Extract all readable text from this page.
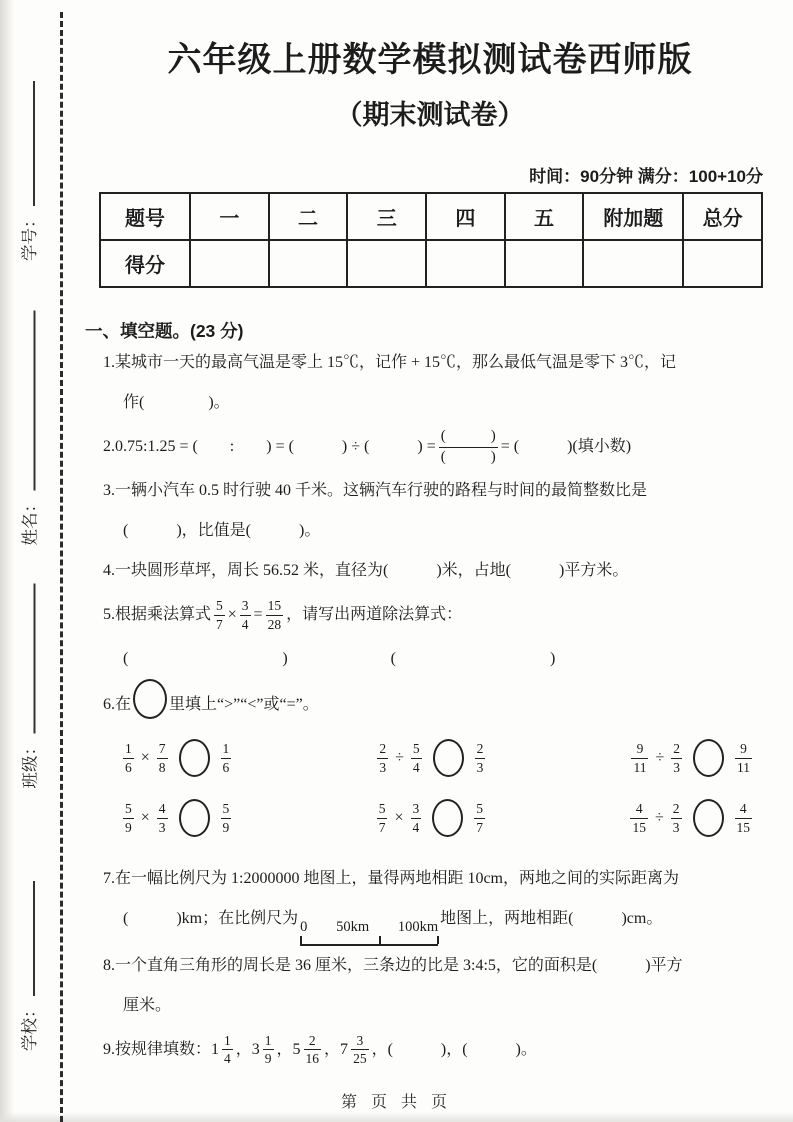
学号：
姓名：
班级：
学校：
六年级上册数学模拟测试卷西师版
（期末测试卷）
时间：90分钟 满分：100+10分
题号	一	二	三	四	五	附加题	总分
得分							
一、填空题。(23 分)
1.某城市一天的最高气温是零上 15℃，记作 + 15℃，那么最低气温是零下 3℃，记
作(　　　　)。
2.0.75:1.25 = (　　:　　) = (　　　) ÷ (　　　) = $\frac{( )}{( )}$ = (　　　)(填小数)
3.一辆小汽车 0.5 时行驶 40 千米。这辆汽车行驶的路程与时间的最简整数比是
(　　　)，比值是(　　　)。
4.一块圆形草坪，周长 56.52 米，直径为(　　　)米，占地(　　　)平方米。
5.根据乘法算式 $\frac{5}{7} \times \frac{3}{4} = \frac{15}{28}$ ，请写出两道除法算式：
(　　　　　　　　　)　　　　　　(　　　　　　　　　)
6.在 里填上“>”“<”或“=”。
$\frac{1}{6} \times \frac{7}{8}$	$\frac{1}{6}$	$\frac{2}{3} \div \frac{5}{4}$	$\frac{2}{3}$	$\frac{9}{11} \div \frac{2}{3}$	$\frac{9}{11}$
$\frac{5}{9} \times \frac{4}{3}$	$\frac{5}{9}$	$\frac{5}{7} \times \frac{3}{4}$	$\frac{5}{7}$	$\frac{4}{15} \div \frac{2}{3}$	$\frac{4}{15}$
7.在一幅比例尺为 1:2000000 地图上，量得两地相距 10cm，两地之间的实际距离为
(　　　)km；在比例尺为 0 50km 100km 地图上，两地相距(　　　)cm。
8.一个直角三角形的周长是 36 厘米，三条边的比是 3:4:5，它的面积是(　　　)平方
厘米。
9.按规律填数：$1 \frac{1}{4}$ ，$3 \frac{1}{9}$ ，$5 \frac{2}{16}$ ，$7 \frac{3}{25}$ ，(　　　)，(　　　)。
第 页 共 页
